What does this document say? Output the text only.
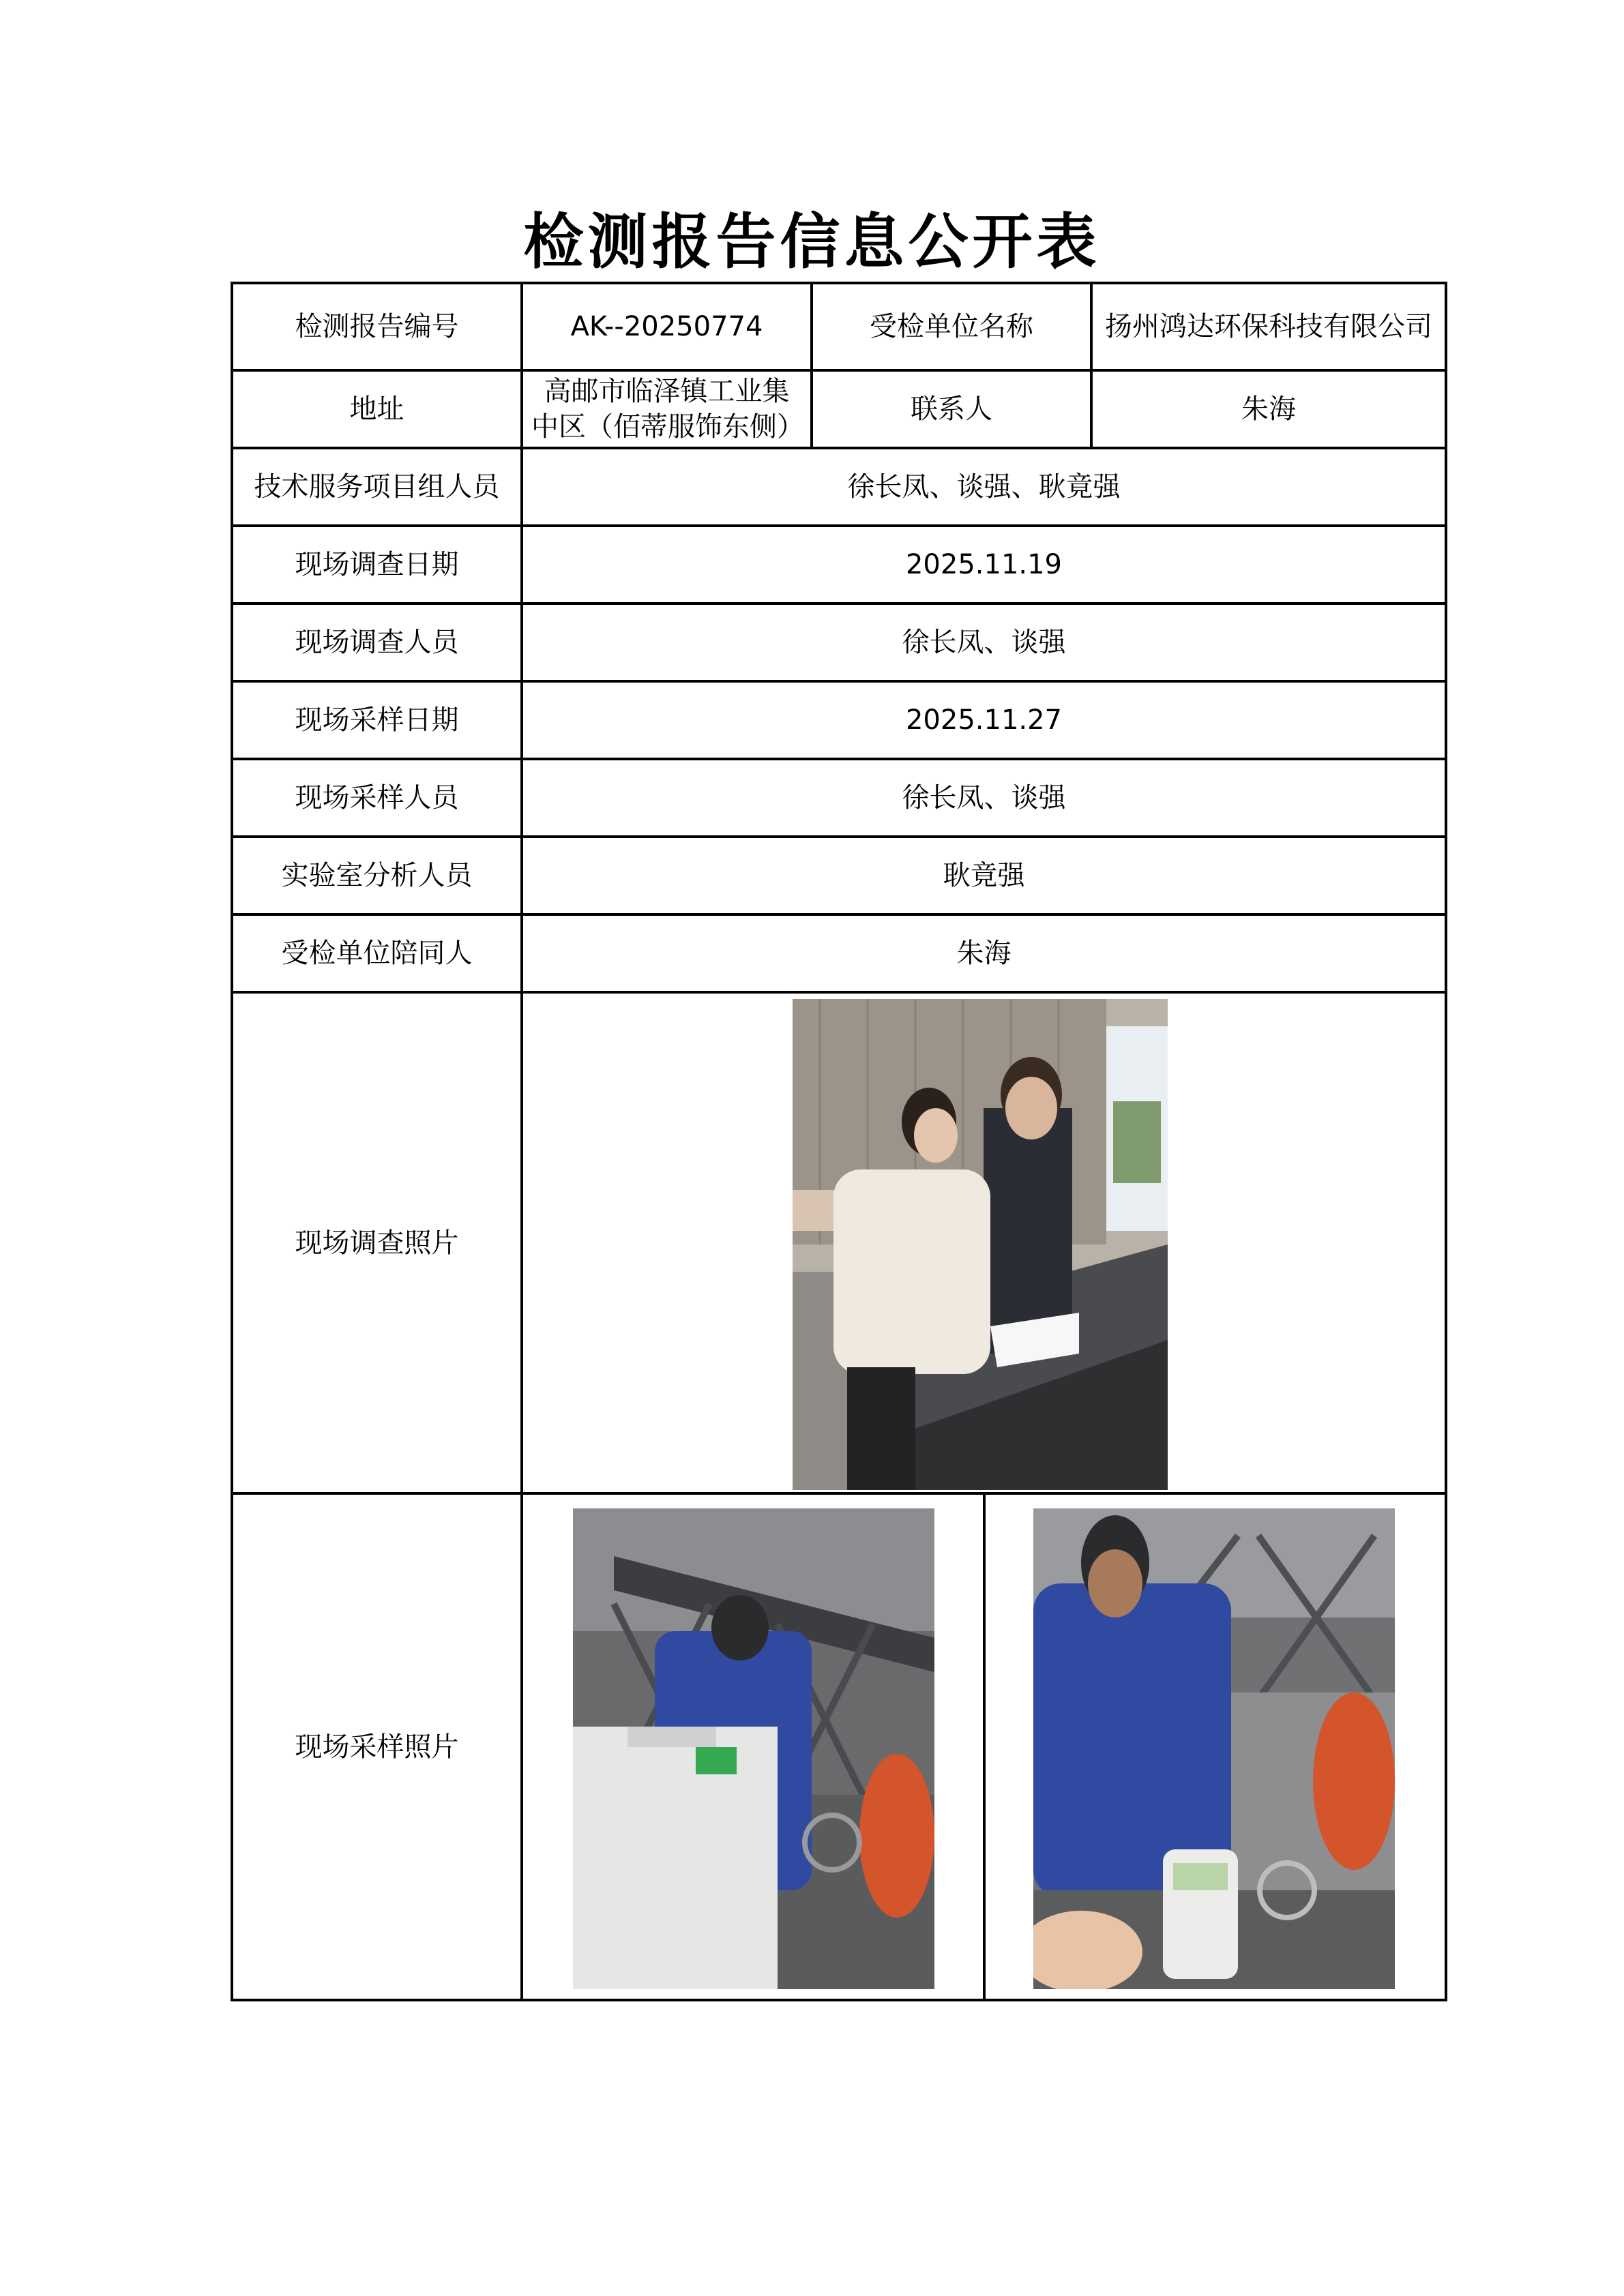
检测报告信息公开表
检测报告编号	AK--20250774	受检单位名称	扬州鸿达环保科技有限公司
地址	高邮市临泽镇工业集中区（佰蒂服饰东侧）	联系人	朱海
技术服务项目组人员	徐长凤、谈强、耿竟强		
现场调查日期	2025.11.19		
现场调查人员	徐长凤、谈强		
现场采样日期	2025.11.27		
现场采样人员	徐长凤、谈强		
实验室分析人员	耿竟强		
受检单位陪同人	朱海		
现场调查照片	

现场采样照片	
